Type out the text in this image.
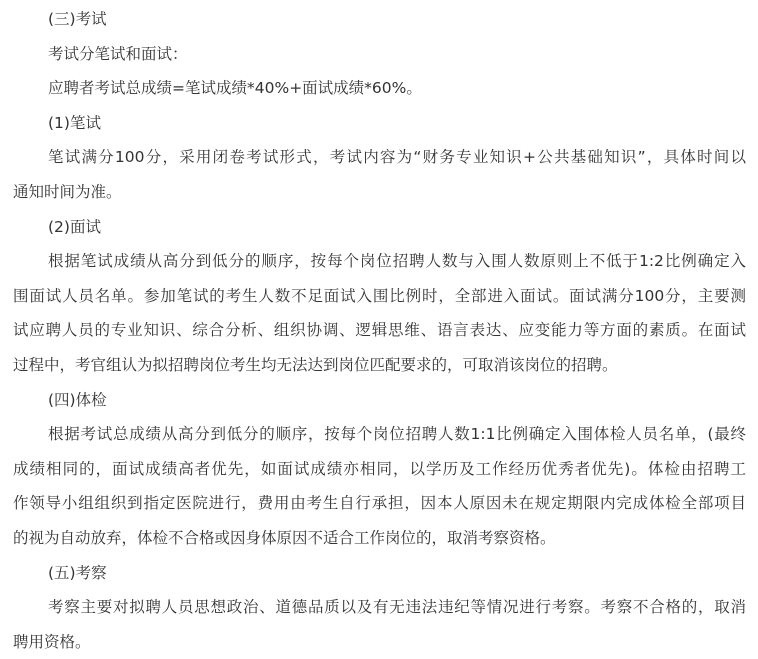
(三)考试
考试分笔试和面试：
应聘者考试总成绩=笔试成绩*40%+面试成绩*60%。
(1)笔试
笔试满分100分，采用闭卷考试形式，考试内容为“财务专业知识+公共基础知识”，具体时间以
通知时间为准。
(2)面试
根据笔试成绩从高分到低分的顺序，按每个岗位招聘人数与入围人数原则上不低于1:2比例确定入
围面试人员名单。参加笔试的考生人数不足面试入围比例时，全部进入面试。面试满分100分，主要测
试应聘人员的专业知识、综合分析、组织协调、逻辑思维、语言表达、应变能力等方面的素质。在面试
过程中，考官组认为拟招聘岗位考生均无法达到岗位匹配要求的，可取消该岗位的招聘。
(四)体检
根据考试总成绩从高分到低分的顺序，按每个岗位招聘人数1:1比例确定入围体检人员名单，(最终
成绩相同的，面试成绩高者优先，如面试成绩亦相同，以学历及工作经历优秀者优先)。体检由招聘工
作领导小组组织到指定医院进行，费用由考生自行承担，因本人原因未在规定期限内完成体检全部项目
的视为自动放弃，体检不合格或因身体原因不适合工作岗位的，取消考察资格。
(五)考察
考察主要对拟聘人员思想政治、道德品质以及有无违法违纪等情况进行考察。考察不合格的，取消
聘用资格。
